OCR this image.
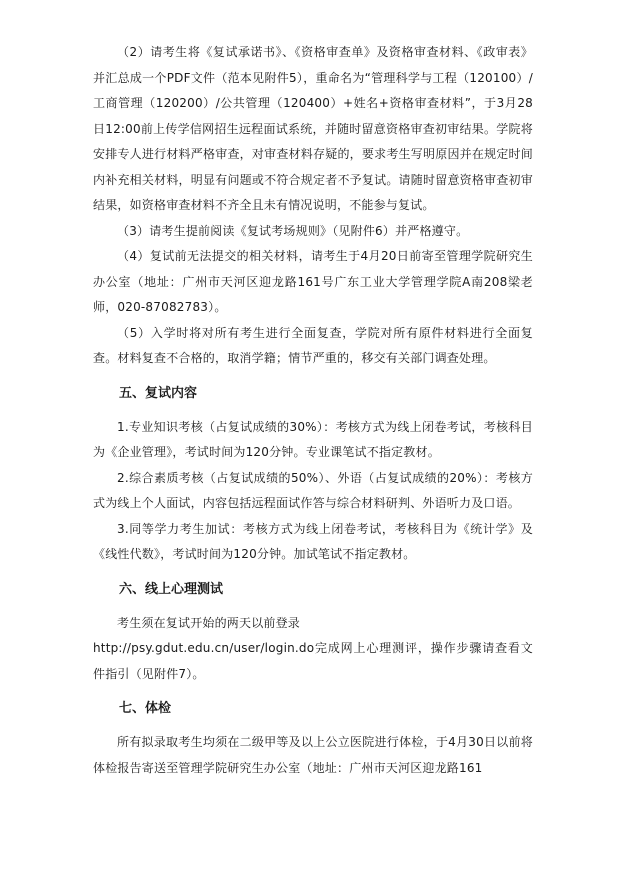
（2）请考生将《复试承诺书》、《资格审查单》及资格审查材料、《政审表》并汇总成一个PDF文件（范本见附件5），重命名为“管理科学与工程（120100）/工商管理（120200）/公共管理（120400）+姓名+资格审查材料”，于3月28日12:00前上传学信网招生远程面试系统，并随时留意资格审查初审结果。学院将安排专人进行材料严格审查，对审查材料存疑的，要求考生写明原因并在规定时间内补充相关材料，明显有问题或不符合规定者不予复试。请随时留意资格审查初审结果，如资格审查材料不齐全且未有情况说明，不能参与复试。

（3）请考生提前阅读《复试考场规则》（见附件6）并严格遵守。

（4）复试前无法提交的相关材料，请考生于4月20日前寄至管理学院研究生办公室（地址：广州市天河区迎龙路161号广东工业大学管理学院A南208梁老师，020-87082783）。

（5）入学时将对所有考生进行全面复查，学院对所有原件材料进行全面复查。材料复查不合格的，取消学籍；情节严重的，移交有关部门调查处理。

五、复试内容

1.专业知识考核（占复试成绩的30%）：考核方式为线上闭卷考试，考核科目为《企业管理》，考试时间为120分钟。专业课笔试不指定教材。

2.综合素质考核（占复试成绩的50%）、外语（占复试成绩的20%）：考核方式为线上个人面试，内容包括远程面试作答与综合材料研判、外语听力及口语。

3.同等学力考生加试：考核方式为线上闭卷考试，考核科目为《统计学》及《线性代数》，考试时间为120分钟。加试笔试不指定教材。

六、线上心理测试

考生须在复试开始的两天以前登录

http://psy.gdut.edu.cn/user/login.do完成网上心理测评，操作步骤请查看文件指引（见附件7）。

七、体检

所有拟录取考生均须在二级甲等及以上公立医院进行体检，于4月30日以前将体检报告寄送至管理学院研究生办公室（地址：广州市天河区迎龙路161
